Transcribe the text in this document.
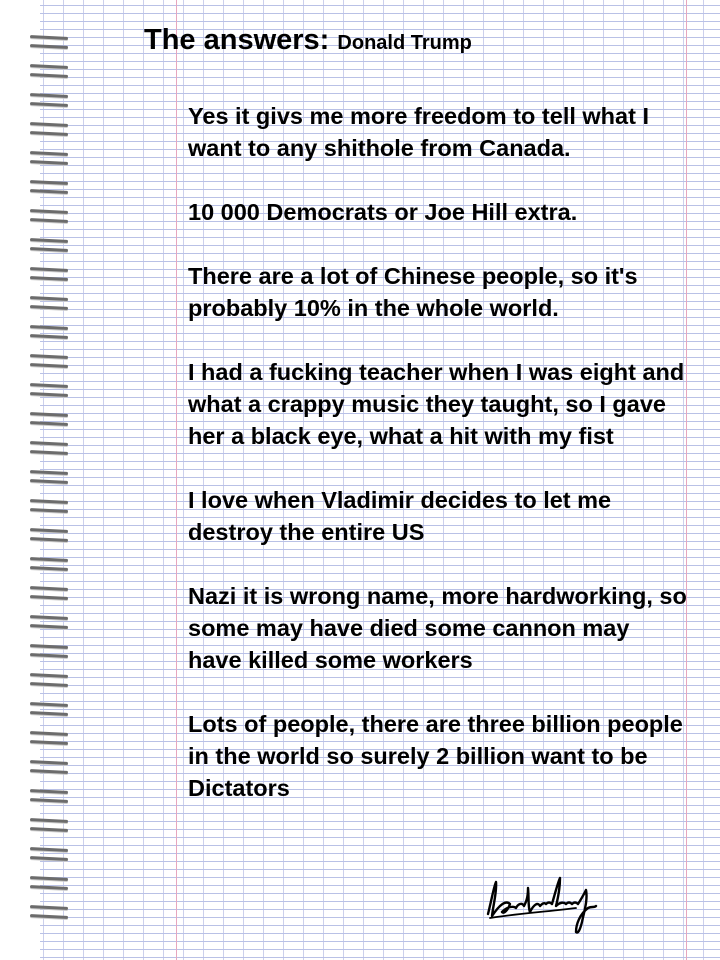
The answers: Donald Trump

Yes it givs me more freedom to tell what I want to any shithole from Canada.

10 000 Democrats or Joe Hill extra.

There are a lot of Chinese people, so it's probably 10% in the whole world.

I had a fucking teacher when I was eight and what a crappy music they taught, so I gave her a black eye, what a hit with my fist

I love when Vladimir decides to let me destroy the entire US

Nazi it is wrong name, more hardworking, so some may have died some cannon may have killed some workers

Lots of people, there are three billion people in the world so surely 2 billion want to be Dictators
